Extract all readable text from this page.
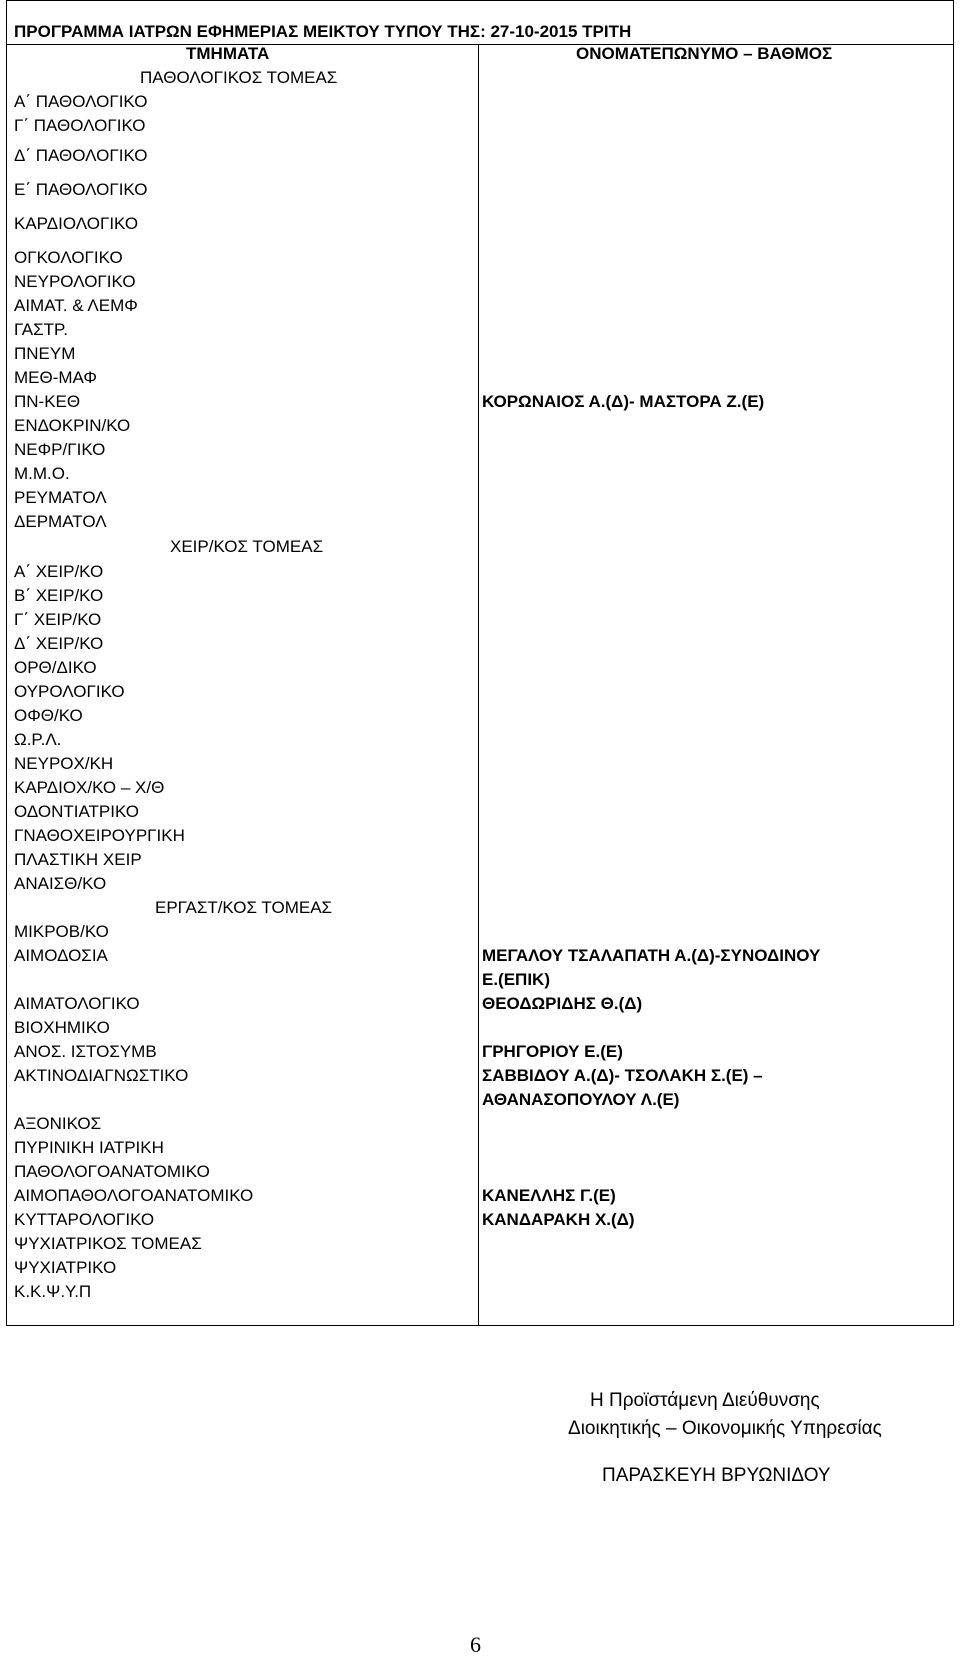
ΠΡΟΓΡΑΜΜΑ ΙΑΤΡΩΝ ΕΦΗΜΕΡΙΑΣ ΜΕΙΚΤΟΥ ΤΥΠΟΥ ΤΗΣ: 27-10-2015 ΤΡΙΤΗ
ΤΜΗΜΑΤΑ	ΟΝΟΜΑΤΕΠΩΝΥΜΟ – ΒΑΘΜΟΣ
ΠΑΘΟΛΟΓΙΚΟΣ ΤΟΜΕΑΣ
Α΄ ΠΑΘΟΛΟΓΙΚΟ
Γ΄ ΠΑΘΟΛΟΓΙΚΟ
Δ΄ ΠΑΘΟΛΟΓΙΚΟ
Ε΄ ΠΑΘΟΛΟΓΙΚΟ
ΚΑΡΔΙΟΛΟΓΙΚΟ
ΟΓΚΟΛΟΓΙΚΟ
ΝΕΥΡΟΛΟΓΙΚΟ
ΑΙΜΑΤ. & ΛΕΜΦ
ΓΑΣΤΡ.
ΠΝΕΥΜ
ΜΕΘ-ΜΑΦ
ΠΝ-ΚΕΘ	ΚΟΡΩΝΑΙΟΣ Α.(Δ)- ΜΑΣΤΟΡΑ Ζ.(Ε)
ΕΝΔΟΚΡΙΝ/ΚΟ
ΝΕΦΡ/ΓΙΚΟ
Μ.Μ.Ο.
ΡΕΥΜΑΤΟΛ
ΔΕΡΜΑΤΟΛ
ΧΕΙΡ/ΚΟΣ ΤΟΜΕΑΣ
Α΄ ΧΕΙΡ/ΚΟ
Β΄ ΧΕΙΡ/ΚΟ
Γ΄ ΧΕΙΡ/ΚΟ
Δ΄ ΧΕΙΡ/ΚΟ
ΟΡΘ/ΔΙΚΟ
ΟΥΡΟΛΟΓΙΚΟ
ΟΦΘ/ΚΟ
Ω.Ρ.Λ.
ΝΕΥΡΟΧ/ΚΗ
ΚΑΡΔΙΟΧ/ΚΟ – Χ/Θ
ΟΔΟΝΤΙΑΤΡΙΚΟ
ΓΝΑΘΟΧΕΙΡΟΥΡΓΙΚΗ
ΠΛΑΣΤΙΚΗ ΧΕΙΡ
ΑΝΑΙΣΘ/ΚΟ
ΕΡΓΑΣΤ/ΚΟΣ ΤΟΜΕΑΣ
ΜΙΚΡΟΒ/ΚΟ
ΑΙΜΟΔΟΣΙΑ	ΜΕΓΑΛΟΥ ΤΣΑΛΑΠΑΤΗ Α.(Δ)-ΣΥΝΟΔΙΝΟΥ
Ε.(ΕΠΙΚ)
ΑΙΜΑΤΟΛΟΓΙΚΟ	ΘΕΟΔΩΡΙΔΗΣ Θ.(Δ)
ΒΙΟΧΗΜΙΚΟ
ΑΝΟΣ. ΙΣΤΟΣΥΜΒ	ΓΡΗΓΟΡΙΟΥ Ε.(Ε)
ΑΚΤΙΝΟΔΙΑΓΝΩΣΤΙΚΟ	ΣΑΒΒΙΔΟΥ Α.(Δ)- ΤΣΟΛΑΚΗ Σ.(Ε) –
ΑΘΑΝΑΣΟΠΟΥΛΟΥ Λ.(Ε)
ΑΞΟΝΙΚΟΣ
ΠΥΡΙΝΙΚΗ ΙΑΤΡΙΚΗ
ΠΑΘΟΛΟΓΟΑΝΑΤΟΜΙΚΟ
ΑΙΜΟΠΑΘΟΛΟΓΟΑΝΑΤΟΜΙΚΟ	ΚΑΝΕΛΛΗΣ Γ.(Ε)
ΚΥΤΤΑΡΟΛΟΓΙΚΟ	ΚΑΝΔΑΡΑΚΗ Χ.(Δ)
ΨΥΧΙΑΤΡΙΚΟΣ ΤΟΜΕΑΣ
ΨΥΧΙΑΤΡΙΚΟ
Κ.Κ.Ψ.Υ.Π
Η Προϊστάμενη Διεύθυνσης
Διοικητικής – Οικονομικής Υπηρεσίας
ΠΑΡΑΣΚΕΥΗ ΒΡΥΩΝΙΔΟΥ
6
